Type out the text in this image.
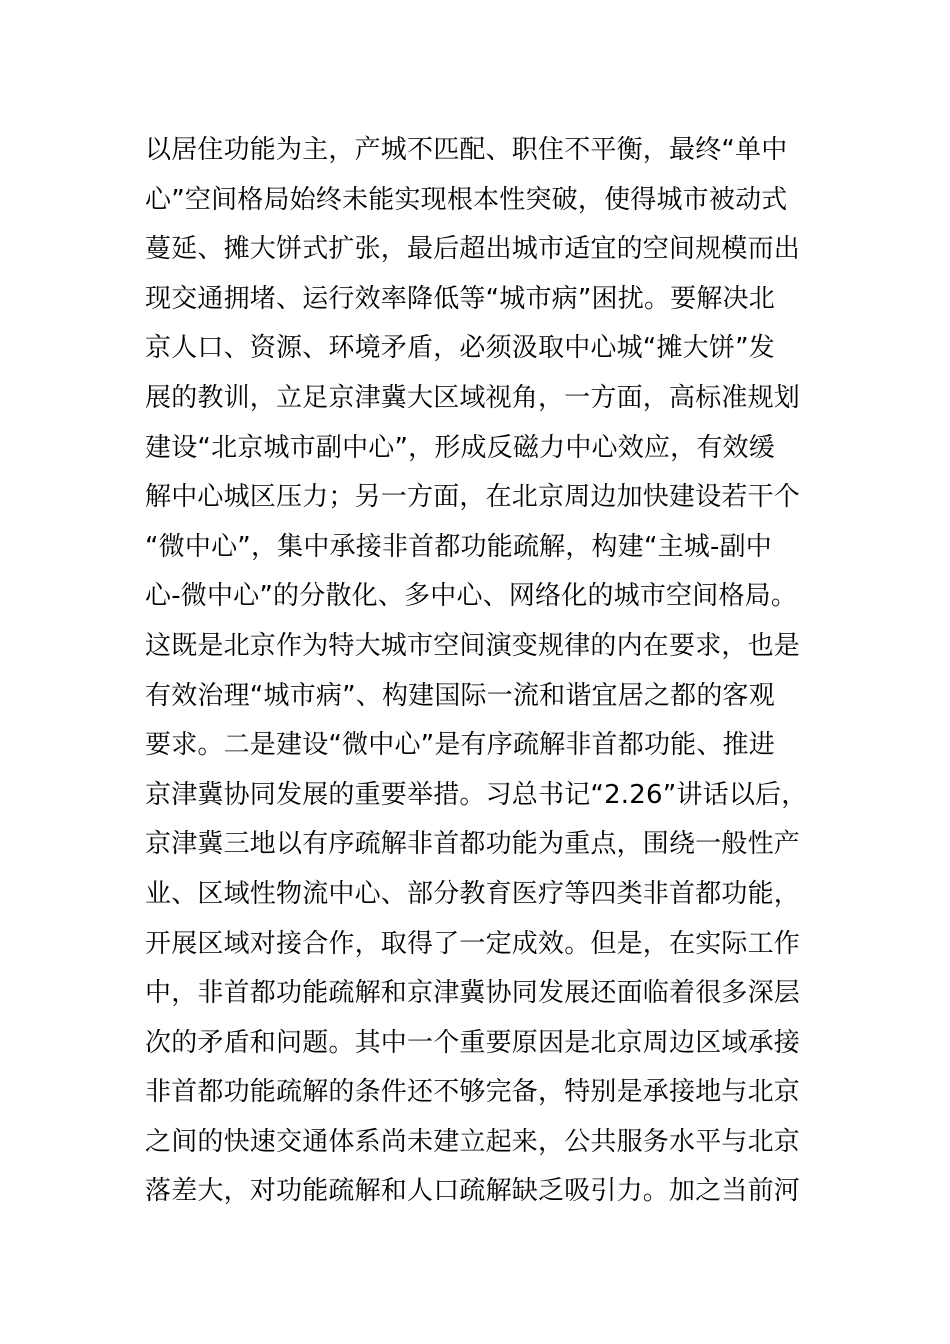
以居住功能为主，产城不匹配、职住不平衡，最终“单中
心”空间格局始终未能实现根本性突破，使得城市被动式
蔓延、摊大饼式扩张，最后超出城市适宜的空间规模而出
现交通拥堵、运行效率降低等“城市病”困扰。要解决北
京人口、资源、环境矛盾，必须汲取中心城“摊大饼”发
展的教训，立足京津冀大区域视角，一方面，高标准规划
建设“北京城市副中心”，形成反磁力中心效应，有效缓
解中心城区压力；另一方面，在北京周边加快建设若干个
“微中心”，集中承接非首都功能疏解，构建“主城-副中
心-微中心”的分散化、多中心、网络化的城市空间格局。
这既是北京作为特大城市空间演变规律的内在要求，也是
有效治理“城市病”、构建国际一流和谐宜居之都的客观
要求。二是建设“微中心”是有序疏解非首都功能、推进
京津冀协同发展的重要举措。习总书记“2.26”讲话以后，
京津冀三地以有序疏解非首都功能为重点，围绕一般性产
业、区域性物流中心、部分教育医疗等四类非首都功能，
开展区域对接合作，取得了一定成效。但是，在实际工作
中，非首都功能疏解和京津冀协同发展还面临着很多深层
次的矛盾和问题。其中一个重要原因是北京周边区域承接
非首都功能疏解的条件还不够完备，特别是承接地与北京
之间的快速交通体系尚未建立起来，公共服务水平与北京
落差大，对功能疏解和人口疏解缺乏吸引力。加之当前河
